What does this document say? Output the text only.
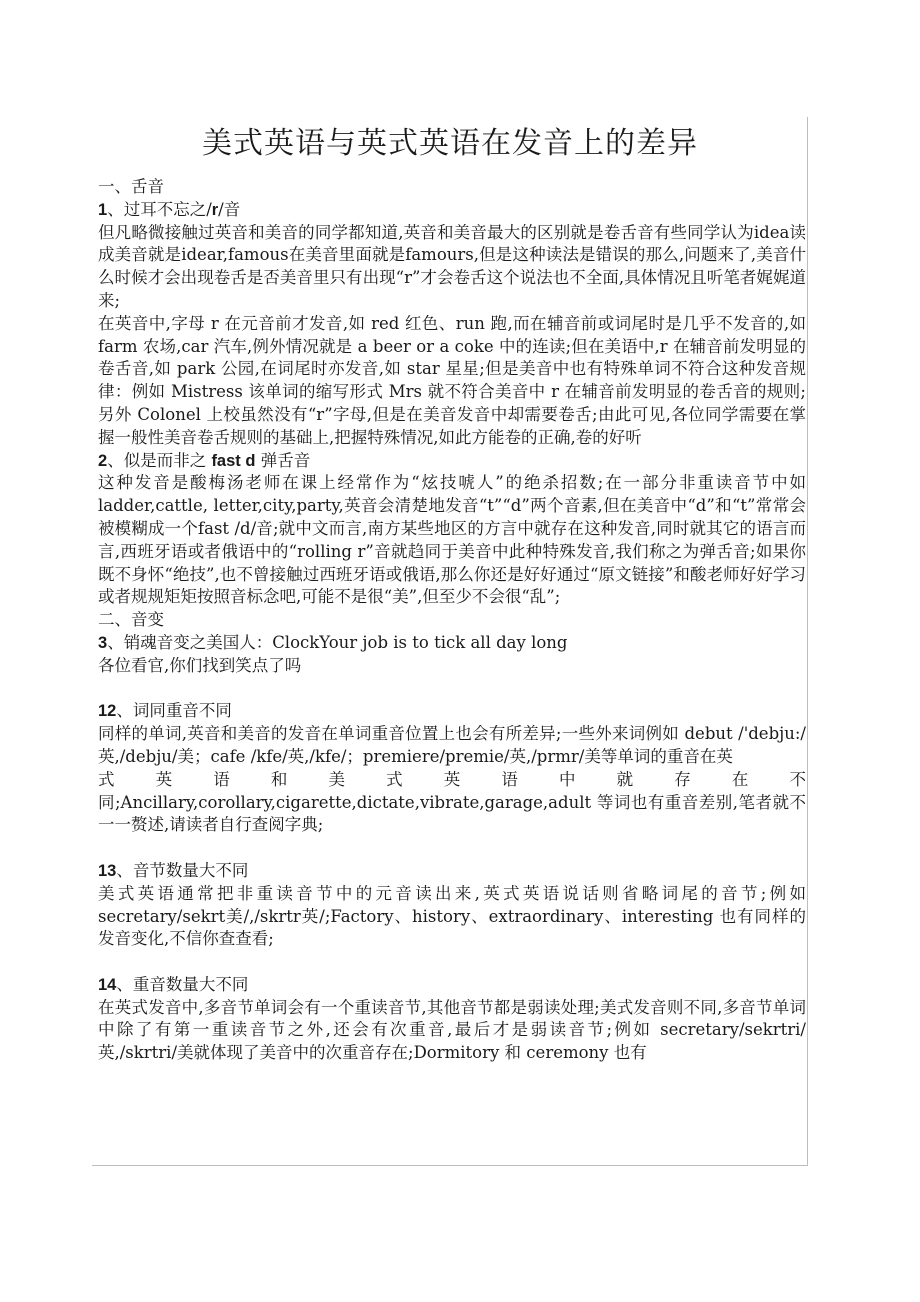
美式英语与英式英语在发音上的差异

一、舌音

1、过耳不忘之/r/音

但凡略微接触过英音和美音的同学都知道,英音和美音最大的区别就是卷舌音有些同学认为idea读成美音就是idear,famous在美音里面就是famours,但是这种读法是错误的那么,问题来了,美音什么时候才会出现卷舌是否美音里只有出现“r”才会卷舌这个说法也不全面,具体情况且听笔者娓娓道来;

在英音中,字母 r 在元音前才发音,如 red 红色、run 跑,而在辅音前或词尾时是几乎不发音的,如 farm 农场,car 汽车,例外情况就是 a beer or a coke 中的连读;但在美语中,r 在辅音前发明显的卷舌音,如 park 公园,在词尾时亦发音,如 star 星星;但是美音中也有特殊单词不符合这种发音规律：例如 Mistress 该单词的缩写形式 Mrs 就不符合美音中 r 在辅音前发明显的卷舌音的规则;另外 Colonel 上校虽然没有“r”字母,但是在美音发音中却需要卷舌;由此可见,各位同学需要在掌握一般性美音卷舌规则的基础上,把握特殊情况,如此方能卷的正确,卷的好听

2、似是而非之 fast d 弹舌音

这种发音是酸梅汤老师在课上经常作为“炫技唬人”的绝杀招数;在一部分非重读音节中如 ladder,cattle, letter,city,party,英音会清楚地发音“t”“d”两个音素,但在美音中“d”和“t”常常会被模糊成一个fast /d/音;就中文而言,南方某些地区的方言中就存在这种发音,同时就其它的语言而言,西班牙语或者俄语中的“rolling r”音就趋同于美音中此种特殊发音,我们称之为弹舌音;如果你既不身怀“绝技”,也不曾接触过西班牙语或俄语,那么你还是好好通过“原文链接”和酸老师好好学习或者规规矩矩按照音标念吧,可能不是很“美”,但至少不会很“乱”;

二、音变

3、销魂音变之美国人：ClockYour job is to tick all day long

各位看官,你们找到笑点了吗

12、词同重音不同

同样的单词,英音和美音的发音在单词重音位置上也会有所差异;一些外来词例如 debut /'debju:/英,/debju/美；cafe /kfe/英,/kfe/；premiere/premie/英,/prmr/美等单词的重音在英

式 英 语 和 美 式 英 语 中 就 存 在 不

同;Ancillary,corollary,cigarette,dictate,vibrate,garage,adult 等词也有重音差别,笔者就不一一赘述,请读者自行查阅字典;

13、音节数量大不同

美式英语通常把非重读音节中的元音读出来,英式英语说话则省略词尾的音节;例如 secretary/sekrt美/,/skrtr英/;Factory、history、extraordinary、interesting 也有同样的发音变化,不信你查查看;

14、重音数量大不同

在英式发音中,多音节单词会有一个重读音节,其他音节都是弱读处理;美式发音则不同,多音节单词中除了有第一重读音节之外,还会有次重音,最后才是弱读音节;例如 secretary/sekrtri/英,/skrtri/美就体现了美音中的次重音存在;Dormitory 和 ceremony 也有
